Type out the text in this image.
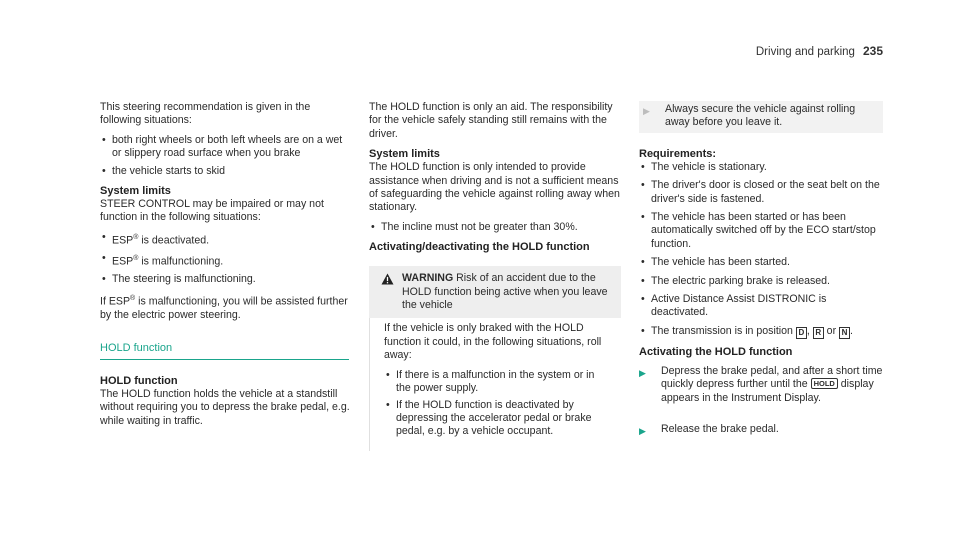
Driving and parking 235

This steering recommendation is given in the following situations:

• both right wheels or both left wheels are on a wet or slippery road surface when you brake
• the vehicle starts to skid
System limits

STEER CONTROL may be impaired or may not function in the following situations:

• ESP® is deactivated.
• ESP® is malfunctioning.
• The steering is malfunctioning.

If ESP® is malfunctioning, you will be assisted further by the electric power steering.

HOLD function
HOLD function

The HOLD function holds the vehicle at a standstill without requiring you to depress the brake pedal, e.g. while waiting in traffic.

The HOLD function is only an aid. The responsibility for the vehicle safely standing still remains with the driver.

System limits

The HOLD function is only intended to provide assistance when driving and is not a sufficient means of safeguarding the vehicle against rolling away when stationary.

• The incline must not be greater than 30%.
Activating/deactivating the HOLD function
WARNING Risk of an accident due to the HOLD function being active when you leave the vehicle

If the vehicle is only braked with the HOLD function it could, in the following situations, roll away:

• If there is a malfunction in the system or in the power supply.
• If the HOLD function is deactivated by depressing the accelerator pedal or brake pedal, e.g. by a vehicle occupant.
▶ Always secure the vehicle against rolling away before you leave it.
Requirements:
• The vehicle is stationary.
• The driver's door is closed or the seat belt on the driver's side is fastened.
• The vehicle has been started or has been automatically switched off by the ECO start/stop function.
• The vehicle has been started.
• The electric parking brake is released.
• Active Distance Assist DISTRONIC is deactivated.
• The transmission is in position D , R or N .
Activating the HOLD function
▶ Depress the brake pedal, and after a short time quickly depress further until the HOLD display appears in the Instrument Display.
▶ Release the brake pedal.
